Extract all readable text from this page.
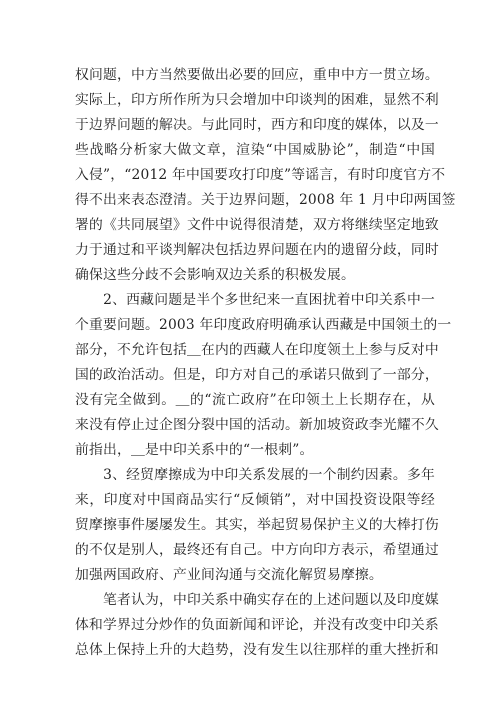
权问题，中方当然要做出必要的回应，重申中方一贯立场。
实际上，印方所作所为只会增加中印谈判的困难，显然不利
于边界问题的解决。与此同时，西方和印度的媒体，以及一
些战略分析家大做文章，渲染“中国威胁论”，制造“中国
入侵”，“2012 年中国要攻打印度”等谣言，有时印度官方不
得不出来表态澄清。关于边界问题，2008 年 1 月中印两国签
署的《共同展望》文件中说得很清楚，双方将继续坚定地致
力于通过和平谈判解决包括边界问题在内的遗留分歧，同时
确保这些分歧不会影响双边关系的积极发展。
　　2、西藏问题是半个多世纪来一直困扰着中印关系中一
个重要问题。2003 年印度政府明确承认西藏是中国领土的一
部分，不允许包括＿在内的西藏人在印度领土上参与反对中
国的政治活动。但是，印方对自己的承诺只做到了一部分，
没有完全做到。＿的“流亡政府”在印领土上长期存在，从
来没有停止过企图分裂中国的活动。新加坡资政李光耀不久
前指出，＿是中印关系中的“一根刺”。
　　3、经贸摩擦成为中印关系发展的一个制约因素。多年
来，印度对中国商品实行“反倾销”，对中国投资设限等经
贸摩擦事件屡屡发生。其实，举起贸易保护主义的大棒打伤
的不仅是别人，最终还有自己。中方向印方表示，希望通过
加强两国政府、产业间沟通与交流化解贸易摩擦。
　　笔者认为，中印关系中确实存在的上述问题以及印度媒
体和学界过分炒作的负面新闻和评论，并没有改变中印关系
总体上保持上升的大趋势，没有发生以往那样的重大挫折和
